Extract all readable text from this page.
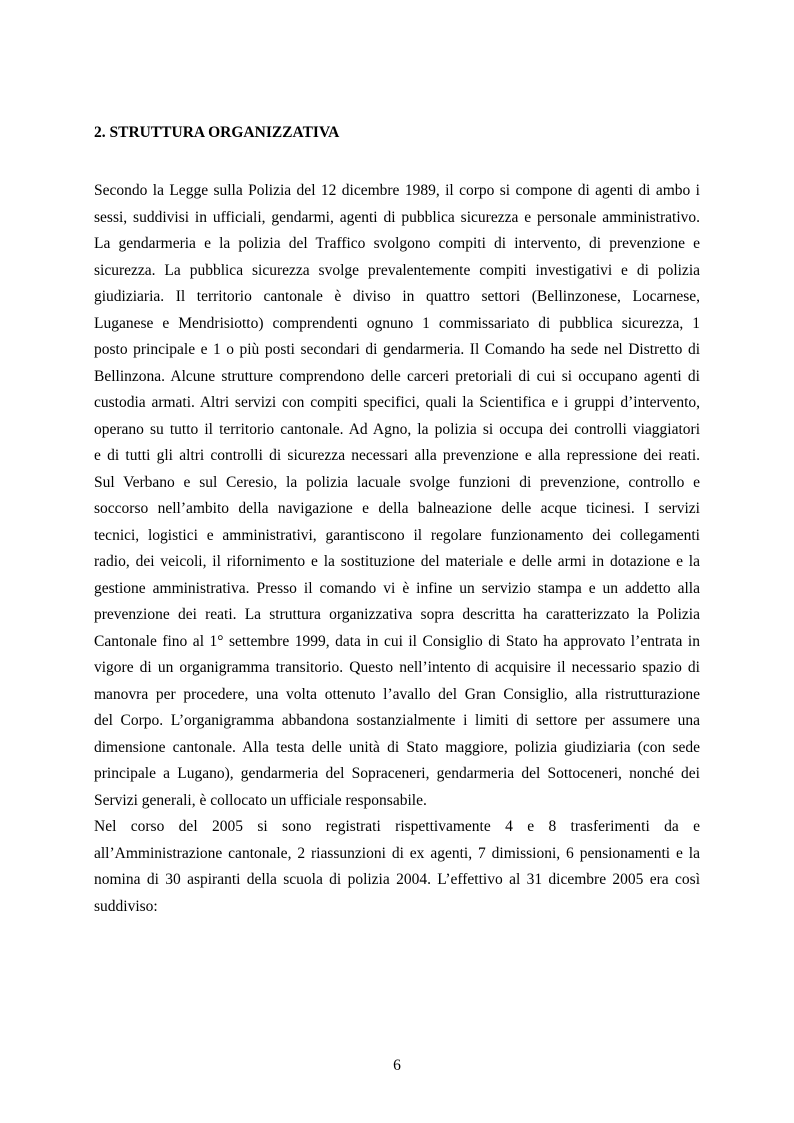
2. STRUTTURA ORGANIZZATIVA
Secondo la Legge sulla Polizia del 12 dicembre 1989, il corpo si compone di agenti di ambo i
sessi, suddivisi in ufficiali, gendarmi, agenti di pubblica sicurezza e personale amministrativo.
La gendarmeria e la polizia del Traffico svolgono compiti di intervento, di prevenzione e
sicurezza. La pubblica sicurezza svolge prevalentemente compiti investigativi e di polizia
giudiziaria. Il territorio cantonale è diviso in quattro settori (Bellinzonese, Locarnese,
Luganese e Mendrisiotto) comprendenti ognuno 1 commissariato di pubblica sicurezza, 1
posto principale e 1 o più posti secondari di gendarmeria. Il Comando ha sede nel Distretto di
Bellinzona. Alcune strutture comprendono delle carceri pretoriali di cui si occupano agenti di
custodia armati. Altri servizi con compiti specifici, quali la Scientifica e i gruppi d’intervento,
operano su tutto il territorio cantonale. Ad Agno, la polizia si occupa dei controlli viaggiatori
e di tutti gli altri controlli di sicurezza necessari alla prevenzione e alla repressione dei reati.
Sul Verbano e sul Ceresio, la polizia lacuale svolge funzioni di prevenzione, controllo e
soccorso nell’ambito della navigazione e della balneazione delle acque ticinesi. I servizi
tecnici, logistici e amministrativi, garantiscono il regolare funzionamento dei collegamenti
radio, dei veicoli, il rifornimento e la sostituzione del materiale e delle armi in dotazione e la
gestione amministrativa. Presso il comando vi è infine un servizio stampa e un addetto alla
prevenzione dei reati. La struttura organizzativa sopra descritta ha caratterizzato la Polizia
Cantonale fino al 1° settembre 1999, data in cui il Consiglio di Stato ha approvato l’entrata in
vigore di un organigramma transitorio. Questo nell’intento di acquisire il necessario spazio di
manovra per procedere, una volta ottenuto l’avallo del Gran Consiglio, alla ristrutturazione
del Corpo. L’organigramma abbandona sostanzialmente i limiti di settore per assumere una
dimensione cantonale. Alla testa delle unità di Stato maggiore, polizia giudiziaria (con sede
principale a Lugano), gendarmeria del Sopraceneri, gendarmeria del Sottoceneri, nonché dei
Servizi generali, è collocato un ufficiale responsabile.
Nel corso del 2005 si sono registrati rispettivamente 4 e 8 trasferimenti da e
all’Amministrazione cantonale, 2 riassunzioni di ex agenti, 7 dimissioni, 6 pensionamenti e la
nomina di 30 aspiranti della scuola di polizia 2004. L’effettivo al 31 dicembre 2005 era così
suddiviso:
6
